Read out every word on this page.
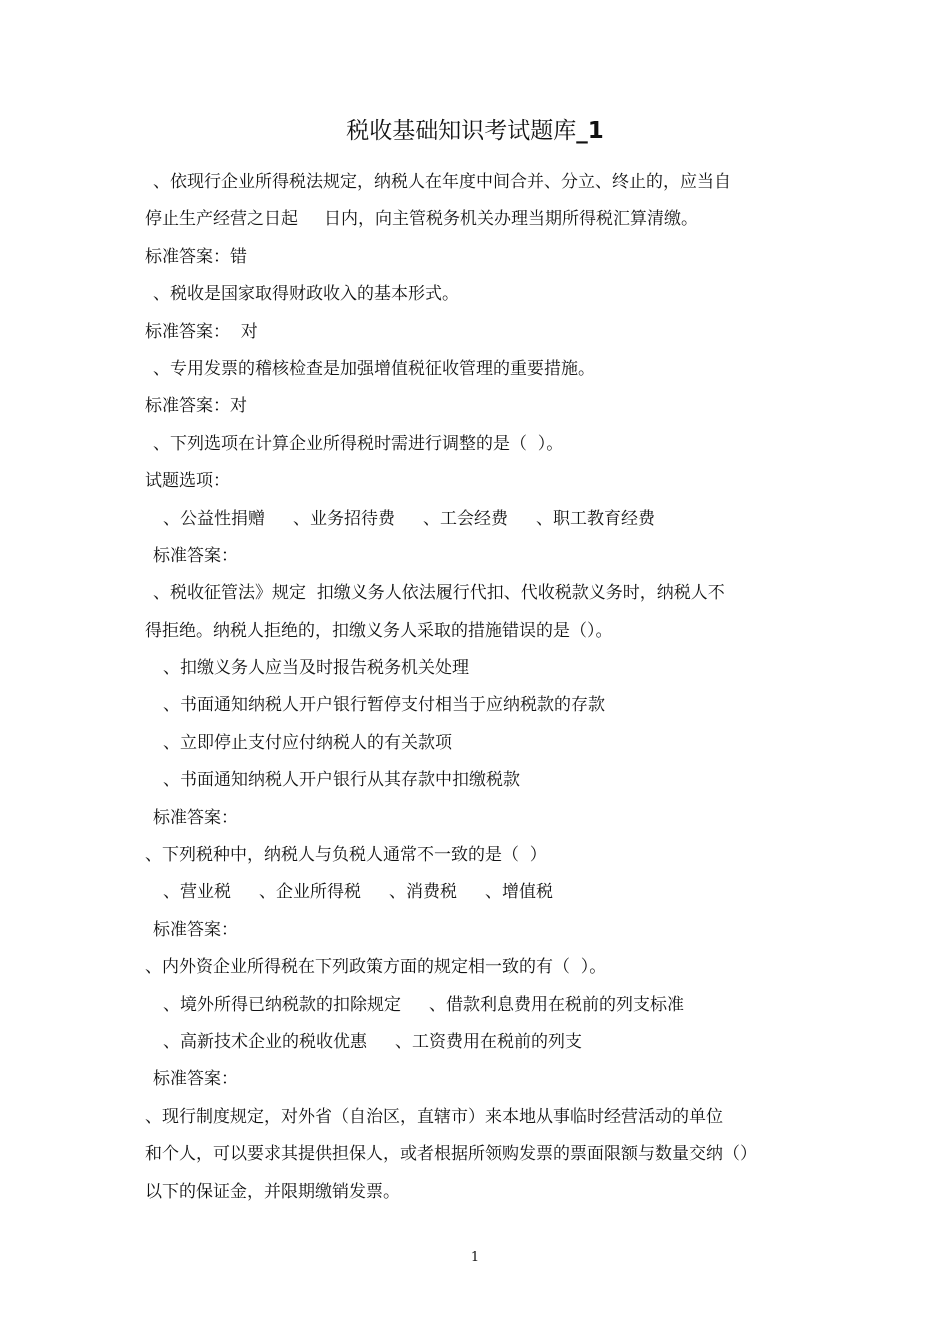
税收基础知识考试题库_1
、依现行企业所得税法规定，纳税人在年度中间合并、分立、终止的，应当自
停止生产经营之日起 日内，向主管税务机关办理当期所得税汇算清缴。
标准答案：错
、税收是国家取得财政收入的基本形式。
标准答案：  对
、专用发票的稽核检查是加强增值税征收管理的重要措施。
标准答案：对
、下列选项在计算企业所得税时需进行调整的是（  ）。
试题选项：
、公益性捐赠 、业务招待费 、工会经费 、职工教育经费
标准答案：
、税收征管法》规定  扣缴义务人依法履行代扣、代收税款义务时，纳税人不
得拒绝。纳税人拒绝的，扣缴义务人采取的措施错误的是（）。
、扣缴义务人应当及时报告税务机关处理
、书面通知纳税人开户银行暂停支付相当于应纳税款的存款
、立即停止支付应付纳税人的有关款项
、书面通知纳税人开户银行从其存款中扣缴税款
标准答案：
、下列税种中，纳税人与负税人通常不一致的是（  ）
、营业税 、企业所得税 、消费税 、增值税
标准答案：
、内外资企业所得税在下列政策方面的规定相一致的有（  ）。
、境外所得已纳税款的扣除规定 、借款利息费用在税前的列支标准
、高新技术企业的税收优惠 、工资费用在税前的列支
标准答案：
、现行制度规定，对外省（自治区，直辖市）来本地从事临时经营活动的单位
和个人，可以要求其提供担保人，或者根据所领购发票的票面限额与数量交纳（）
以下的保证金，并限期缴销发票。
1
